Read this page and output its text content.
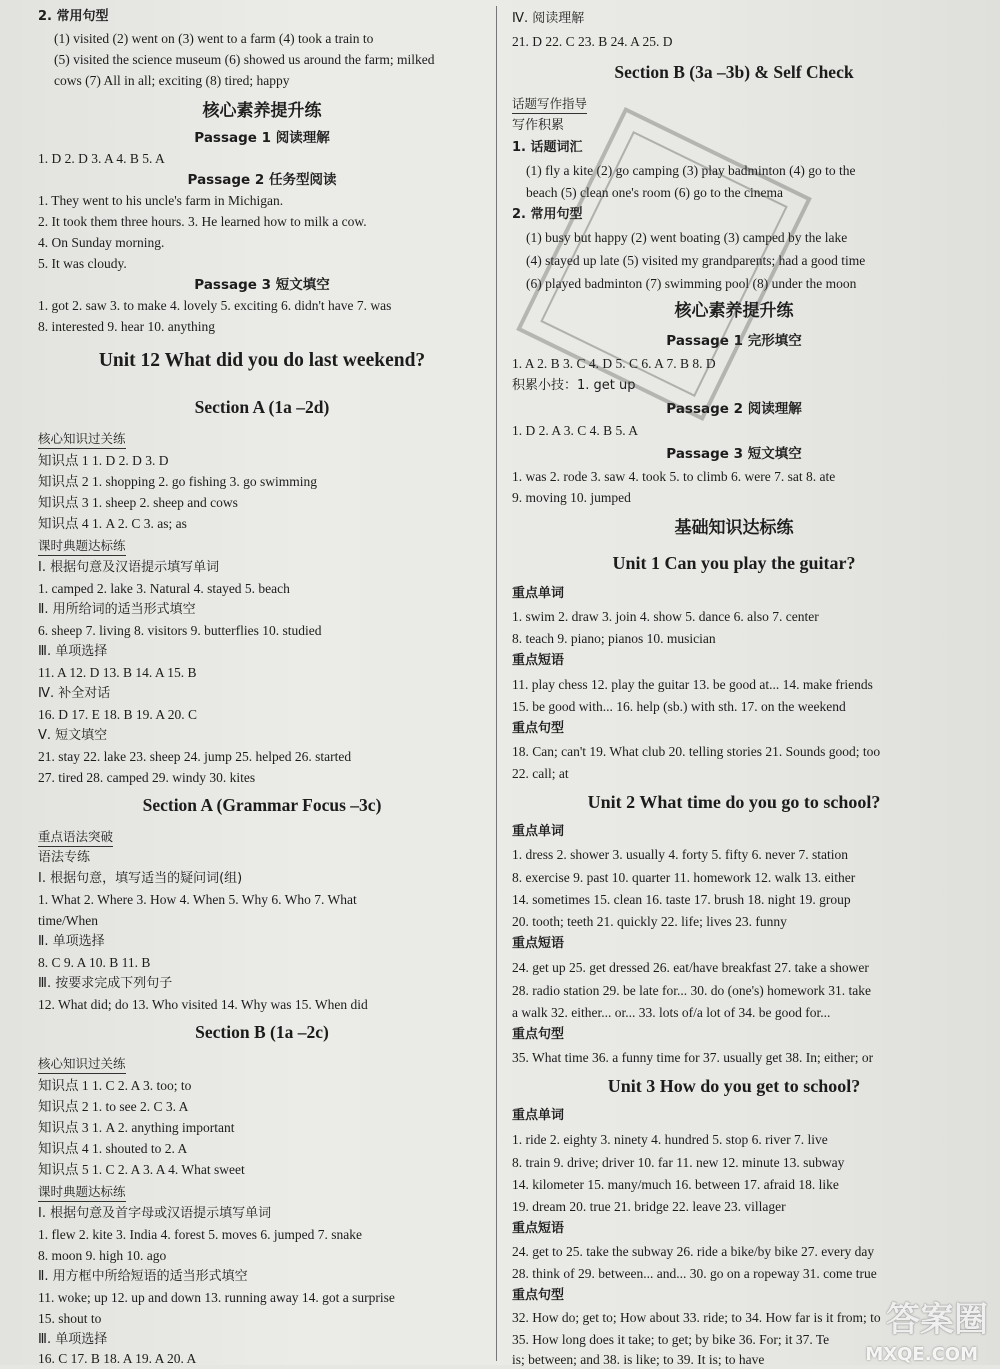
2. 常用句型
(1) visited (2) went on (3) went to a farm (4) took a train to
(5) visited the science museum (6) showed us around the farm; milked
cows (7) All in all; exciting (8) tired; happy
核心素养提升练
Passage 1 阅读理解
1. D 2. D 3. A 4. B 5. A
Passage 2 任务型阅读
1. They went to his uncle's farm in Michigan.
2. It took them three hours. 3. He learned how to milk a cow.
4. On Sunday morning.
5. It was cloudy.
Passage 3 短文填空
1. got 2. saw 3. to make 4. lovely 5. exciting 6. didn't have 7. was
8. interested 9. hear 10. anything
Unit 12 What did you do last weekend?
Section A (1a –2d)
核心知识过关练
知识点 1 1. D 2. D 3. D
知识点 2 1. shopping 2. go fishing 3. go swimming
知识点 3 1. sheep 2. sheep and cows
知识点 4 1. A 2. C 3. as; as
课时典题达标练
Ⅰ. 根据句意及汉语提示填写单词
1. camped 2. lake 3. Natural 4. stayed 5. beach
Ⅱ. 用所给词的适当形式填空
6. sheep 7. living 8. visitors 9. butterflies 10. studied
Ⅲ. 单项选择
11. A 12. D 13. B 14. A 15. B
Ⅳ. 补全对话
16. D 17. E 18. B 19. A 20. C
Ⅴ. 短文填空
21. stay 22. lake 23. sheep 24. jump 25. helped 26. started
27. tired 28. camped 29. windy 30. kites
Section A (Grammar Focus –3c)
重点语法突破
语法专练
Ⅰ. 根据句意，填写适当的疑问词(组)
1. What 2. Where 3. How 4. When 5. Why 6. Who 7. What
time/When
Ⅱ. 单项选择
8. C 9. A 10. B 11. B
Ⅲ. 按要求完成下列句子
12. What did; do 13. Who visited 14. Why was 15. When did
Section B (1a –2c)
核心知识过关练
知识点 1 1. C 2. A 3. too; to
知识点 2 1. to see 2. C 3. A
知识点 3 1. A 2. anything important
知识点 4 1. shouted to 2. A
知识点 5 1. C 2. A 3. A 4. What sweet
课时典题达标练
Ⅰ. 根据句意及首字母或汉语提示填写单词
1. flew 2. kite 3. India 4. forest 5. moves 6. jumped 7. snake
8. moon 9. high 10. ago
Ⅱ. 用方框中所给短语的适当形式填空
11. woke; up 12. up and down 13. running away 14. got a surprise
15. shout to
Ⅲ. 单项选择
16. C 17. B 18. A 19. A 20. A
Ⅳ. 阅读理解
21. D 22. C 23. B 24. A 25. D
Section B (3a –3b) & Self Check
话题写作指导
写作积累
1. 话题词汇
(1) fly a kite (2) go camping (3) play badminton (4) go to the
beach (5) clean one's room (6) go to the cinema
2. 常用句型
(1) busy but happy (2) went boating (3) camped by the lake
(4) stayed up late (5) visited my grandparents; had a good time
(6) played badminton (7) swimming pool (8) under the moon
核心素养提升练
Passage 1 完形填空
1. A 2. B 3. C 4. D 5. C 6. A 7. B 8. D
积累小技：1. get up
Passage 2 阅读理解
1. D 2. A 3. C 4. B 5. A
Passage 3 短文填空
1. was 2. rode 3. saw 4. took 5. to climb 6. were 7. sat 8. ate
9. moving 10. jumped
基础知识达标练
Unit 1 Can you play the guitar?
重点单词
1. swim 2. draw 3. join 4. show 5. dance 6. also 7. center
8. teach 9. piano; pianos 10. musician
重点短语
11. play chess 12. play the guitar 13. be good at... 14. make friends
15. be good with... 16. help (sb.) with sth. 17. on the weekend
重点句型
18. Can; can't 19. What club 20. telling stories 21. Sounds good; too
22. call; at
Unit 2 What time do you go to school?
重点单词
1. dress 2. shower 3. usually 4. forty 5. fifty 6. never 7. station
8. exercise 9. past 10. quarter 11. homework 12. walk 13. either
14. sometimes 15. clean 16. taste 17. brush 18. night 19. group
20. tooth; teeth 21. quickly 22. life; lives 23. funny
重点短语
24. get up 25. get dressed 26. eat/have breakfast 27. take a shower
28. radio station 29. be late for... 30. do (one's) homework 31. take
a walk 32. either... or... 33. lots of/a lot of 34. be good for...
重点句型
35. What time 36. a funny time for 37. usually get 38. In; either; or
Unit 3 How do you get to school?
重点单词
1. ride 2. eighty 3. ninety 4. hundred 5. stop 6. river 7. live
8. train 9. drive; driver 10. far 11. new 12. minute 13. subway
14. kilometer 15. many/much 16. between 17. afraid 18. like
19. dream 20. true 21. bridge 22. leave 23. villager
重点短语
24. get to 25. take the subway 26. ride a bike/by bike 27. every day
28. think of 29. between... and... 30. go on a ropeway 31. come true
重点句型
32. How do; get to; How about 33. ride; to 34. How far is it from; to
35. How long does it take; to get; by bike 36. For; it 37. Te
is; between; and 38. is like; to 39. It is; to have
答案圈
MXQE.COM
